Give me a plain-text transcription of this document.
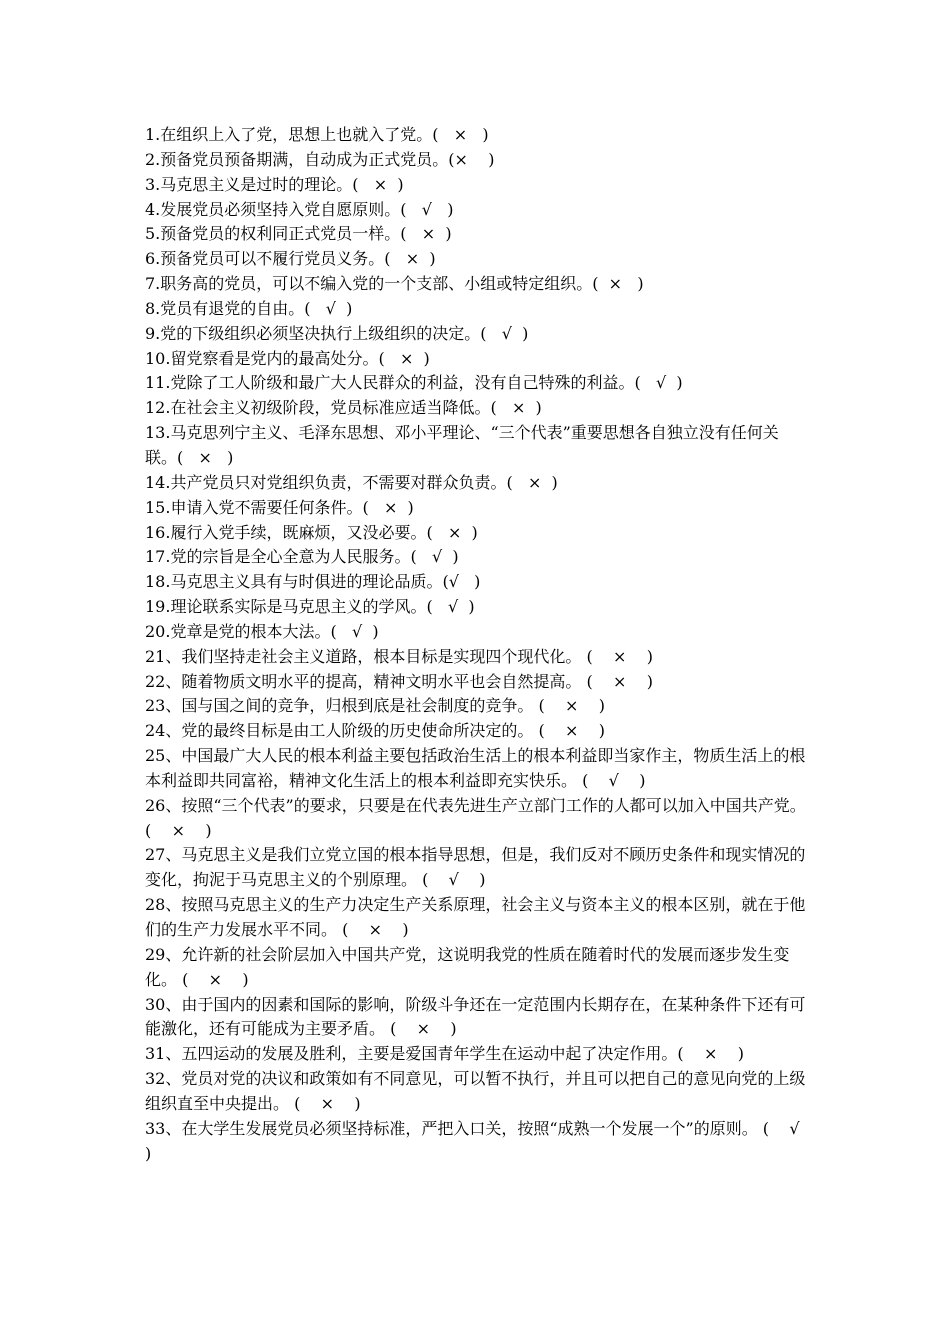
1.在组织上入了党，思想上也就入了党。(   ×   )

2.预备党员预备期满，自动成为正式党员。(×    )

3.马克思主义是过时的理论。(   ×  )

4.发展党员必须坚持入党自愿原则。(   √   )

5.预备党员的权利同正式党员一样。(   ×  )

6.预备党员可以不履行党员义务。(   ×  )

7.职务高的党员，可以不编入党的一个支部、小组或特定组织。(  ×   )

8.党员有退党的自由。(   √  )

9.党的下级组织必须坚决执行上级组织的决定。(   √  )

10.留党察看是党内的最高处分。(   ×  )

11.党除了工人阶级和最广大人民群众的利益，没有自己特殊的利益。(   √  )

12.在社会主义初级阶段，党员标准应适当降低。(   ×  )

13.马克思列宁主义、毛泽东思想、邓小平理论、“三个代表”重要思想各自独立没有任何关联。(   ×   )

14.共产党员只对党组织负责，不需要对群众负责。(   ×  )

15.申请入党不需要任何条件。(   ×  )

16.履行入党手续，既麻烦，又没必要。(   ×  )

17.党的宗旨是全心全意为人民服务。(   √  )

18.马克思主义具有与时俱进的理论品质。(√   )

19.理论联系实际是马克思主义的学风。(   √  )

20.党章是党的根本大法。(   √  )

21、我们坚持走社会主义道路，根本目标是实现四个现代化。 (    ×    )

22、随着物质文明水平的提高，精神文明水平也会自然提高。 (    ×    )

23、国与国之间的竞争，归根到底是社会制度的竞争。 (    ×    )

24、党的最终目标是由工人阶级的历史使命所决定的。 (    ×    )

25、中国最广大人民的根本利益主要包括政治生活上的根本利益即当家作主，物质生活上的根本利益即共同富裕，精神文化生活上的根本利益即充实快乐。 (    √    )

26、按照“三个代表”的要求，只要是在代表先进生产立部门工作的人都可以加入中国共产党。 (    ×    )

27、马克思主义是我们立党立国的根本指导思想，但是，我们反对不顾历史条件和现实情况的变化，拘泥于马克思主义的个别原理。 (    √    )

28、按照马克思主义的生产力决定生产关系原理，社会主义与资本主义的根本区别，就在于他们的生产力发展水平不同。 (    ×    )

29、允许新的社会阶层加入中国共产党，这说明我党的性质在随着时代的发展而逐步发生变化。 (    ×    )

30、由于国内的因素和国际的影响，阶级斗争还在一定范围内长期存在，在某种条件下还有可能激化，还有可能成为主要矛盾。 (    ×    )

31、五四运动的发展及胜利，主要是爱国青年学生在运动中起了决定作用。(    ×    )

32、党员对党的决议和政策如有不同意见，可以暂不执行，并且可以把自己的意见向党的上级组织直至中央提出。 (    ×    )

33、在大学生发展党员必须坚持标准，严把入口关，按照“成熟一个发展一个”的原则。 (    √    )
